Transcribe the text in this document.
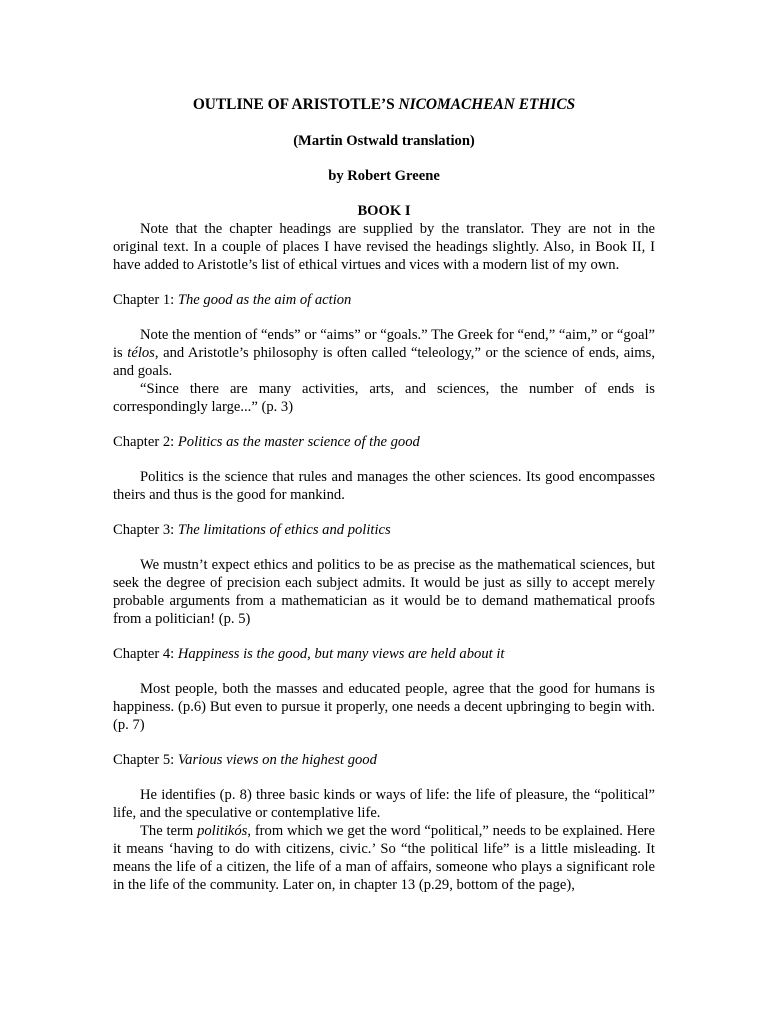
OUTLINE OF ARISTOTLE’S NICOMACHEAN ETHICS
(Martin Ostwald translation)
by Robert Greene
BOOK I

Note that the chapter headings are supplied by the translator. They are not in the original text. In a couple of places I have revised the headings slightly. Also, in Book II, I have added to Aristotle’s list of ethical virtues and vices with a modern list of my own.

Chapter 1: The good as the aim of action

Note the mention of “ends” or “aims” or “goals.” The Greek for “end,” “aim,” or “goal” is télos, and Aristotle’s philosophy is often called “teleology,” or the science of ends, aims, and goals.

“Since there are many activities, arts, and sciences, the number of ends is correspondingly large...” (p. 3)

Chapter 2: Politics as the master science of the good

Politics is the science that rules and manages the other sciences. Its good encompasses theirs and thus is the good for mankind.

Chapter 3: The limitations of ethics and politics

We mustn’t expect ethics and politics to be as precise as the mathematical sciences, but seek the degree of precision each subject admits. It would be just as silly to accept merely probable arguments from a mathematician as it would be to demand mathematical proofs from a politician! (p. 5)

Chapter 4: Happiness is the good, but many views are held about it

Most people, both the masses and educated people, agree that the good for humans is happiness. (p.6) But even to pursue it properly, one needs a decent upbringing to begin with. (p. 7)

Chapter 5: Various views on the highest good

He identifies (p. 8) three basic kinds or ways of life: the life of pleasure, the “political” life, and the speculative or contemplative life.

The term politikós, from which we get the word “political,” needs to be explained. Here it means ‘having to do with citizens, civic.’ So “the political life” is a little misleading. It means the life of a citizen, the life of a man of affairs, someone who plays a significant role in the life of the community. Later on, in chapter 13 (p.29, bottom of the page),
